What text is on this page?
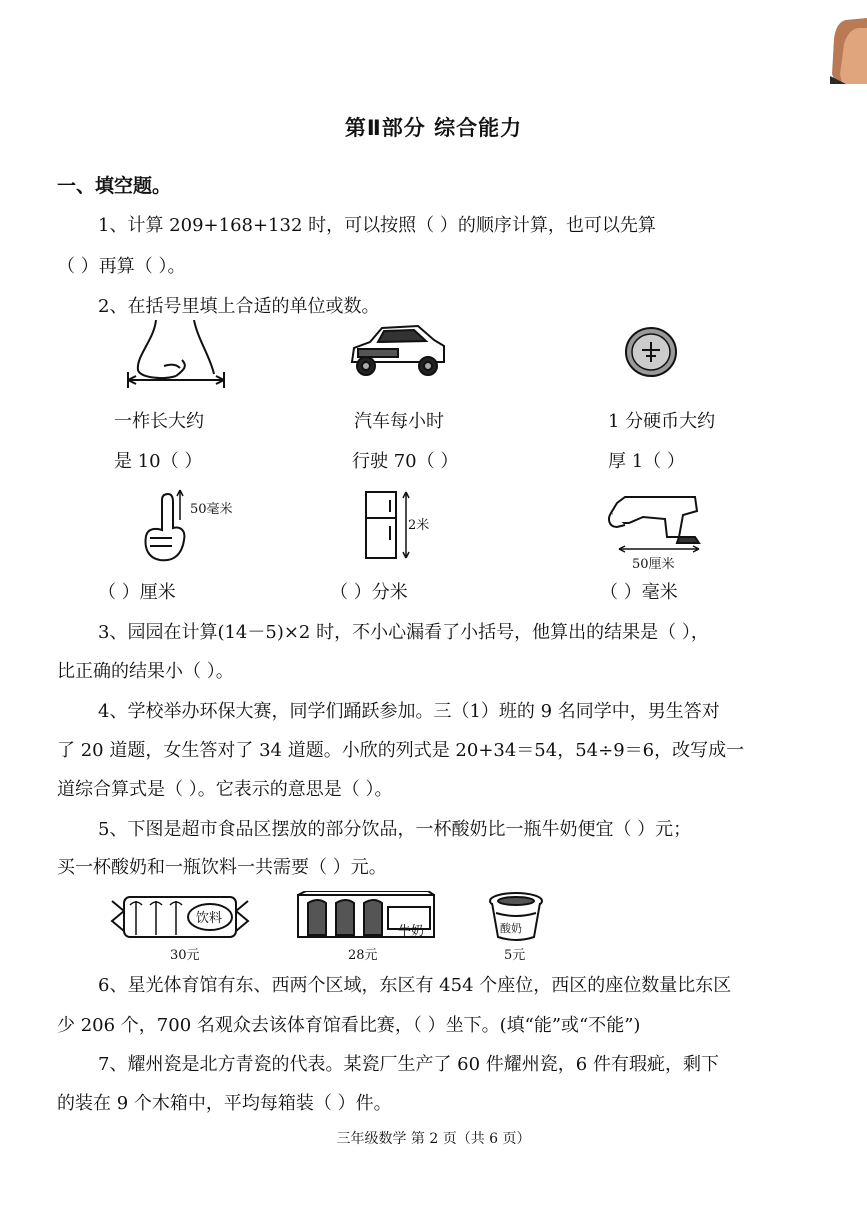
第Ⅱ部分 综合能力
一、填空题。
1、计算 209+168+132 时，可以按照（ ）的顺序计算，也可以先算
（ ）再算（ ）。
2、在括号里填上合适的单位或数。
一柞长大约
是 10（ ）
汽车每小时
行驶 70（ ）
1 分硬币大约
厚 1（ ）
50毫米
2米
50厘米
（ ）厘米	（ ）分米	（ ）毫米
3、园园在计算(14－5)×2 时，不小心漏看了小括号，他算出的结果是（ ），
比正确的结果小（ ）。
4、学校举办环保大赛，同学们踊跃参加。三（1）班的 9 名同学中，男生答对
了 20 道题，女生答对了 34 道题。小欣的列式是 20+34＝54，54÷9＝6，改写成一
道综合算式是（ ）。它表示的意思是（ ）。
5、下图是超市食品区摆放的部分饮品，一杯酸奶比一瓶牛奶便宜（ ）元；
买一杯酸奶和一瓶饮料一共需要（ ）元。
饮料
30元
牛奶
28元
酸奶
5元
6、星光体育馆有东、西两个区域，东区有 454 个座位，西区的座位数量比东区
少 206 个，700 名观众去该体育馆看比赛，（ ）坐下。(填“能”或“不能”)
7、耀州瓷是北方青瓷的代表。某瓷厂生产了 60 件耀州瓷，6 件有瑕疵，剩下
的装在 9 个木箱中，平均每箱装（ ）件。
三年级数学 第 2 页（共 6 页）
